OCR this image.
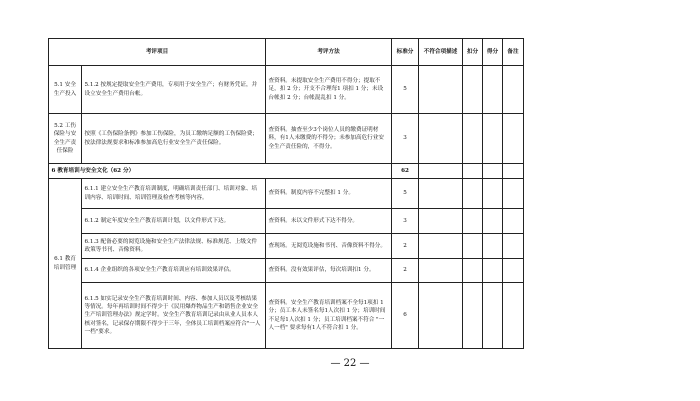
考评项目		考评方法	标准分	不符合项描述	扣分	得分	备注
5.1 安全生产投入	5.1.2 按规定提取安全生产费用，专项用于安全生产；有财务凭证，并设立安全生产费用台帐。	查资料。未提取安全生产费用不得分；提取不足，扣 2 分；开支不合理每1 项扣 1 分；未设台帐扣 2 分；台帐混乱扣 1 分。	5				
5.2 工伤保险与安全生产责任保险	按照《工伤保险条例》参加工伤保险，为员工缴纳足额的工伤保险费；按法律法规要求和标准参加高危行业安全生产责任保险。	查资料。抽查至少3个岗位人员的缴费证明材料，有1人未缴费的不得分；未参加高危行业安全生产责任险的，不得分。	3				
6 教育培训与安全文化（62 分）			62				
6.1 教育培训管理	6.1.1 建立安全生产教育培训制度，明确培训责任部门、培训对象、培训内容、培训时间、培训管理及检查考核等内容。	查资料。制度内容不完整扣 1 分。	5				
	6.1.2 制定年度安全生产教育培训计划，以文件形式下达。	查资料。未以文件形式下达不得分。	3				
	6.1.3 配备必要的阅览设施和安全生产法律法规、标准规范、上级文件政策等书刊、音像资料。	查现场。无阅览设施和书刊、音像资料不得分。	2				
	6.1.4 企业组织的各项安全生产教育培训应有培训效果评估。	查资料。没有效果评估，每次培训扣1 分。	2				
	6.1.5 如实记录安全生产教育培训时间、内容、参加人员以及考核结果等情况。每年再培训时间不得少于《民用爆炸物品生产和销售企业安全生产培训管理办法》规定学时。安全生产教育培训记录由从业人员本人核对签名，记录保存期限不得少于三年，全体员工培训档案应符合"一人一档"要求。	查资料。安全生产教育培训档案不全每1项扣 1 分；员工本人未签名每1人次扣 1 分；培训时间不足每1人次扣 1 分；员工培训档案不符合 "一人一档" 要求每有1人不符合扣 1 分。	6				
— 22 —
